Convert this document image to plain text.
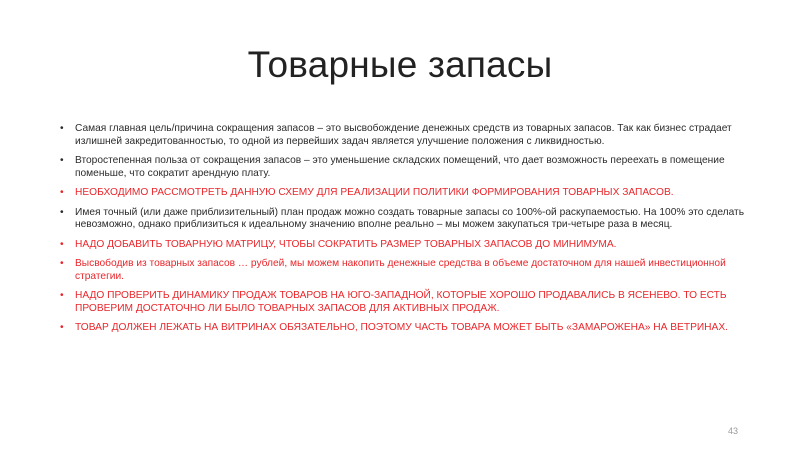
Товарные запасы
• Самая главная цель/причина сокращения запасов – это высвобождение денежных средств из товарных запасов. Так как бизнес страдает излишней закредитованностью, то одной из первейших задач является улучшение положения с ликвидностью.
• Второстепенная польза от сокращения запасов – это уменьшение складских помещений, что дает возможность переехать в помещение поменьше, что сократит арендную плату.
• НЕОБХОДИМО РАССМОТРЕТЬ ДАННУЮ СХЕМУ ДЛЯ РЕАЛИЗАЦИИ ПОЛИТИКИ ФОРМИРОВАНИЯ ТОВАРНЫХ ЗАПАСОВ.
• Имея точный (или даже приблизительный) план продаж можно создать товарные запасы со 100%-ой раскупаемостью. На 100% это сделать невозможно, однако приблизиться к идеальному значению вполне реально – мы можем закупаться три-четыре раза в месяц.
• НАДО ДОБАВИТЬ ТОВАРНУЮ МАТРИЦУ, ЧТОБЫ СОКРАТИТЬ РАЗМЕР ТОВАРНЫХ ЗАПАСОВ ДО МИНИМУМА.
• Высвободив из товарных запасов … рублей, мы можем накопить денежные средства в объеме достаточном для нашей инвестиционной стратегии.
• НАДО ПРОВЕРИТЬ ДИНАМИКУ ПРОДАЖ ТОВАРОВ НА ЮГО-ЗАПАДНОЙ, КОТОРЫЕ ХОРОШО ПРОДАВАЛИСЬ В ЯСЕНЕВО. ТО ЕСТЬ ПРОВЕРИМ ДОСТАТОЧНО ЛИ БЫЛО ТОВАРНЫХ ЗАПАСОВ ДЛЯ АКТИВНЫХ ПРОДАЖ.
• ТОВАР ДОЛЖЕН ЛЕЖАТЬ НА ВИТРИНАХ ОБЯЗАТЕЛЬНО, ПОЭТОМУ ЧАСТЬ ТОВАРА МОЖЕТ БЫТЬ «ЗАМАРОЖЕНА» НА ВЕТРИНАХ.
43
